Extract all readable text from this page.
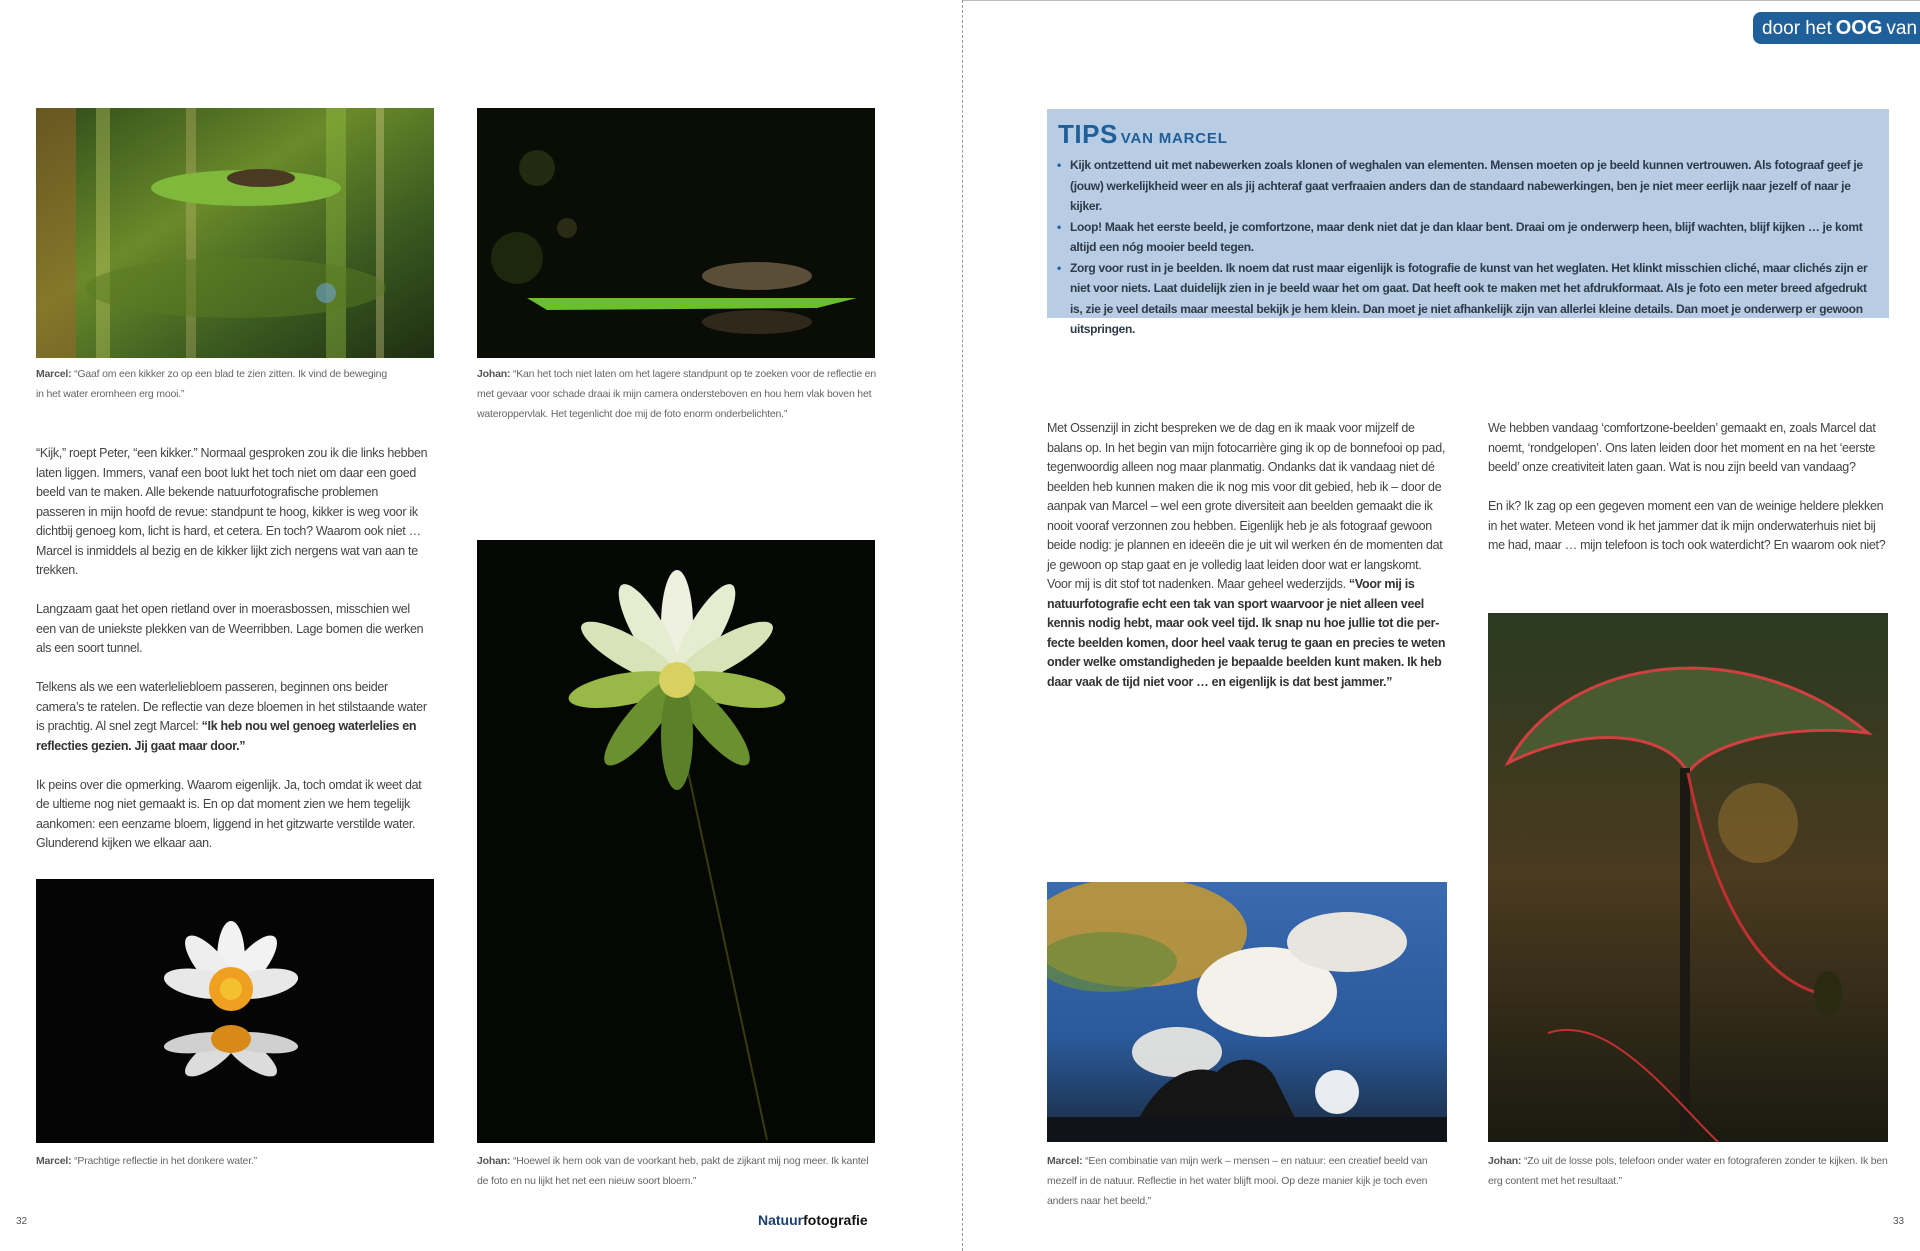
Marcel: “Gaaf om een kikker zo op een blad te zien zitten. Ik vind de beweging in het water eromheen erg mooi.”
Johan: “Kan het toch niet laten om het lagere standpunt op te zoeken voor de reflectie en met gevaar voor schade draai ik mijn camera ondersteboven en hou hem vlak boven het wateroppervlak. Het tegenlicht doe mij de foto enorm onderbelichten.”

“Kijk,” roept Peter, “een kikker.” Normaal gesproken zou ik die links hebben laten liggen. Immers, vanaf een boot lukt het toch niet om daar een goed beeld van te maken. Alle bekende natuurfotografische problemen passeren in mijn hoofd de revue: standpunt te hoog, kikker is weg voor ik dichtbij genoeg kom, licht is hard, et cetera. En toch? Waarom ook niet … Marcel is inmiddels al bezig en de kikker lijkt zich nergens wat van aan te trekken.

Langzaam gaat het open rietland over in moerasbossen, misschien wel een van de uniekste plekken van de Weerribben. Lage bomen die werken als een soort tunnel.

Telkens als we een waterleliebloem passeren, beginnen ons beider camera’s te ratelen. De reflectie van deze bloemen in het stilstaande water is prachtig. Al snel zegt Marcel: “Ik heb nou wel genoeg waterlelies en reflecties gezien. Jij gaat maar door.”

Ik peins over die opmerking. Waarom eigenlijk. Ja, toch omdat ik weet dat de ultieme nog niet gemaakt is. En op dat moment zien we hem tegelijk aankomen: een eenzame bloem, liggend in het gitzwarte verstilde water. Glunderend kijken we elkaar aan.

Marcel: “Prachtige reflectie in het donkere water.”	Johan: “Hoewel ik hem ook van de voorkant heb, pakt de zijkant mij nog meer. Ik kantel de foto en nu lijkt het net een nieuw soort bloem.”
32	Natuurfotografie
door het OOG van
TIPS VAN MARCEL
• Kijk ontzettend uit met nabewerken zoals klonen of weghalen van elementen. Mensen moeten op je beeld kunnen vertrouwen. Als fotograaf geef je (jouw) werkelijkheid weer en als jij achteraf gaat verfraaien anders dan de standaard nabewerkingen, ben je niet meer eerlijk naar jezelf of naar je kijker.
• Loop! Maak het eerste beeld, je comfortzone, maar denk niet dat je dan klaar bent. Draai om je onderwerp heen, blijf wachten, blijf kijken … je komt altijd een nóg mooier beeld tegen.
• Zorg voor rust in je beelden. Ik noem dat rust maar eigenlijk is fotografie de kunst van het weglaten. Het klinkt misschien cliché, maar clichés zijn er niet voor niets. Laat duidelijk zien in je beeld waar het om gaat. Dat heeft ook te maken met het afdrukformaat. Als je foto een meter breed afgedrukt is, zie je veel details maar meestal bekijk je hem klein. Dan moet je niet afhankelijk zijn van allerlei kleine details. Dan moet je onderwerp er gewoon uitspringen.

Met Ossenzijl in zicht bespreken we de dag en ik maak voor mijzelf de balans op. In het begin van mijn fotocarrière ging ik op de bonnefooi op pad, tegenwoordig alleen nog maar planmatig. Ondanks dat ik vandaag niet dé beelden heb kunnen maken die ik nog mis voor dit gebied, heb ik – door de aanpak van Marcel – wel een grote diversiteit aan beelden gemaakt die ik nooit vooraf verzonnen zou hebben. Eigenlijk heb je als fotograaf gewoon beide nodig: je plannen en ideeën die je uit wil werken én de momenten dat je gewoon op stap gaat en je volledig laat leiden door wat er langskomt. Voor mij is dit stof tot nadenken. Maar geheel wederzijds. “Voor mij is natuurfotografie echt een tak van sport waarvoor je niet alleen veel kennis nodig hebt, maar ook veel tijd. Ik snap nu hoe jullie tot die perfecte beelden komen, door heel vaak terug te gaan en precies te weten onder welke omstandigheden je bepaalde beelden kunt maken. Ik heb daar vaak de tijd niet voor … en eigenlijk is dat best jammer.”

We hebben vandaag ‘comfortzone-beelden’ gemaakt en, zoals Marcel dat noemt, ‘rondgelopen’. Ons laten leiden door het moment en na het ‘eerste beeld’ onze creativiteit laten gaan. Wat is nou zijn beeld van vandaag?

En ik? Ik zag op een gegeven moment een van de weinige heldere plekken in het water. Meteen vond ik het jammer dat ik mijn onderwaterhuis niet bij me had, maar … mijn telefoon is toch ook waterdicht? En waarom ook niet?

Marcel: “Een combinatie van mijn werk – mensen – en natuur: een creatief beeld van mezelf in de natuur. Reflectie in het water blijft mooi. Op deze manier kijk je toch even anders naar het beeld.”
Johan: “Zo uit de losse pols, telefoon onder water en fotograferen zonder te kijken. Ik ben erg content met het resultaat.”
33
